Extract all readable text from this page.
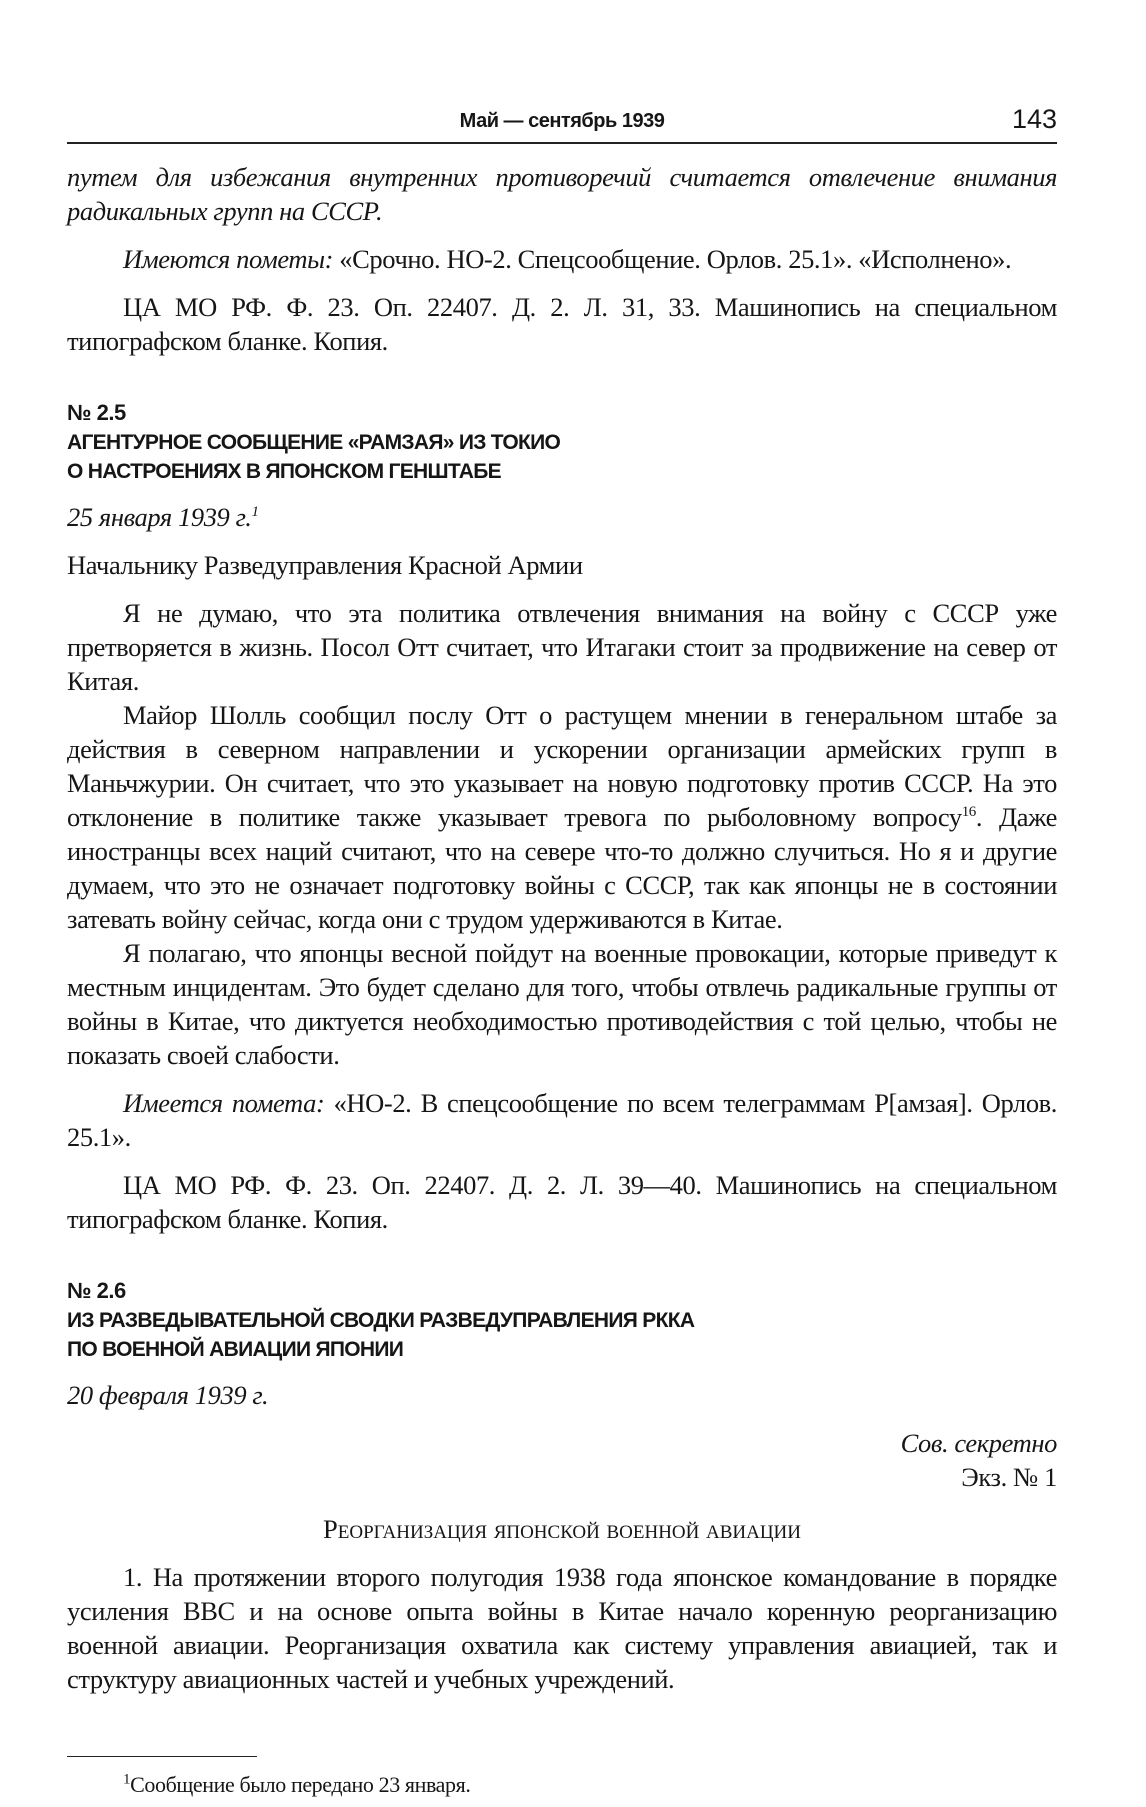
Май — сентябрь 1939	143

путем для избежания внутренних противоречий считается отвлечение внимания радикальных групп на СССР.

Имеются пометы: «Срочно. НО-2. Спецсообщение. Орлов. 25.1». «Исполнено».

ЦА МО РФ. Ф. 23. Оп. 22407. Д. 2. Л. 31, 33. Машинопись на специальном типографском бланке. Копия.

№ 2.5
АГЕНТУРНОЕ СООБЩЕНИЕ «РАМЗАЯ» ИЗ ТОКИО
О НАСТРОЕНИЯХ В ЯПОНСКОМ ГЕНШТАБЕ

25 января 1939 г.$^1$

Начальнику Разведуправления Красной Армии

Я не думаю, что эта политика отвлечения внимания на войну с СССР уже претворяется в жизнь. Посол Отт считает, что Итагаки стоит за продвижение на север от Китая.

Майор Шолль сообщил послу Отт о растущем мнении в генеральном штабе за действия в северном направлении и ускорении организации армейских групп в Маньчжурии. Он считает, что это указывает на новую подготовку против СССР. На это отклонение в политике также указывает тревога по рыболовному вопросу$^{16}$. Даже иностранцы всех наций считают, что на севере что-то должно случиться. Но я и другие думаем, что это не означает подготовку войны с СССР, так как японцы не в состоянии затевать войну сейчас, когда они с трудом удерживаются в Китае.

Я полагаю, что японцы весной пойдут на военные провокации, которые приведут к местным инцидентам. Это будет сделано для того, чтобы отвлечь радикальные группы от войны в Китае, что диктуется необходимостью противодействия с той целью, чтобы не показать своей слабости.

Имеется помета: «НО-2. В спецсообщение по всем телеграммам Р[амзая]. Орлов. 25.1».

ЦА МО РФ. Ф. 23. Оп. 22407. Д. 2. Л. 39—40. Машинопись на специальном типографском бланке. Копия.

№ 2.6
ИЗ РАЗВЕДЫВАТЕЛЬНОЙ СВОДКИ РАЗВЕДУПРАВЛЕНИЯ РККА
ПО ВОЕННОЙ АВИАЦИИ ЯПОНИИ

20 февраля 1939 г.

Сов. секретно

Экз. № 1

Реорганизация японской военной авиации

1. На протяжении второго полугодия 1938 года японское командование в порядке усиления ВВС и на основе опыта войны в Китае начало коренную реорганизацию военной авиации. Реорганизация охватила как систему управления авиацией, так и структуру авиационных частей и учебных учреждений.

$^1$Сообщение было передано 23 января.
